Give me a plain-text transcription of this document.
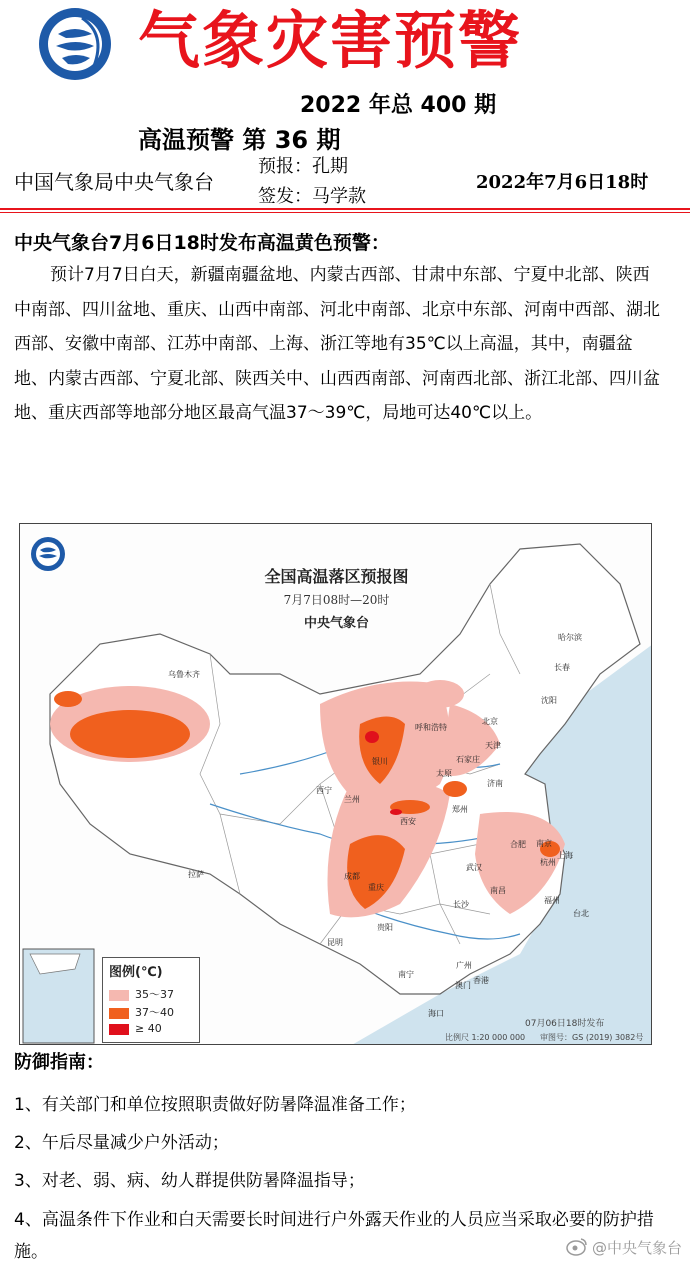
气象灾害预警
2022 年总 400 期
高温预警 第 36 期
中国气象局中央气象台
预报：孔期
签发：马学款
2022年7月6日18时
中央气象台7月6日18时发布高温黄色预警：
预计7月7日白天，新疆南疆盆地、内蒙古西部、甘肃中东部、宁夏中北部、陕西中南部、四川盆地、重庆、山西中南部、河北中南部、北京中东部、河南中西部、湖北西部、安徽中南部、江苏中南部、上海、浙江等地有35℃以上高温，其中，南疆盆地、内蒙古西部、宁夏北部、陕西关中、山西西南部、河南西北部、浙江北部、四川盆地、重庆西部等地部分地区最高气温37～39℃，局地可达40℃以上。
全国高温落区预报图
7月7日08时—20时
中央气象台
乌鲁木齐
哈尔滨
长春
沈阳
呼和浩特
北京
天津
银川	石家庄
太原
济南
西宁
兰州
郑州
西安
拉萨	成都
合肥 南京
上海
杭州
武汉
重庆	南昌
长沙	福州
台北
贵阳
昆明
南宁
广州
澳门
香港
海口
图例(℃)
35～37
37～40
≥ 40	07月06日18时发布
比例尺 1:20 000 000 审图号：GS (2019) 3082号
防御指南：
1、有关部门和单位按照职责做好防暑降温准备工作；
2、午后尽量减少户外活动；
3、对老、弱、病、幼人群提供防暑降温指导；
4、高温条件下作业和白天需要长时间进行户外露天作业的人员应当采取必要的防护措施。	@中央气象台
